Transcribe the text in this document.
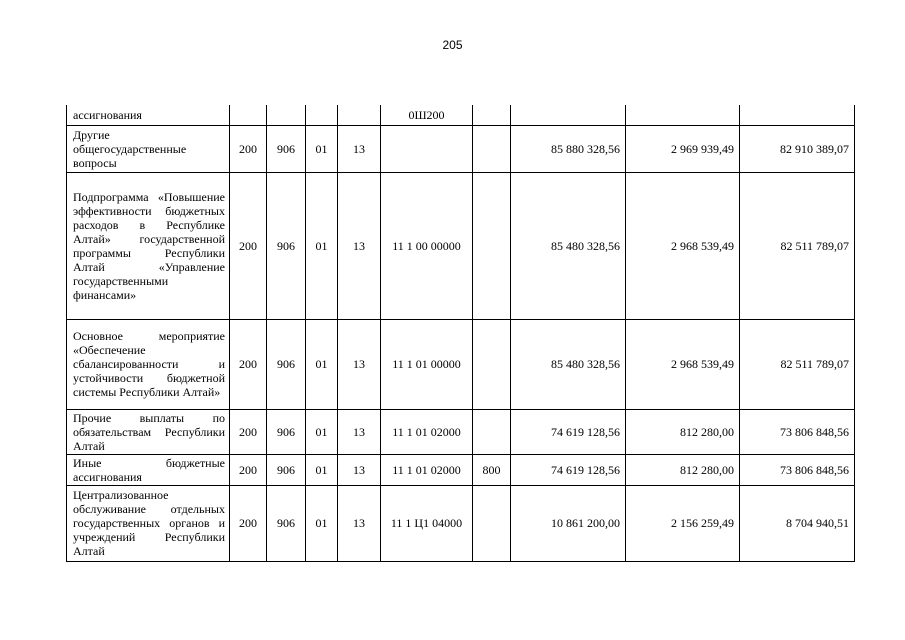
205
ассигнования					0Ш200				
Другие общегосударственные вопросы	200	906	01	13			85 880 328,56	2 969 939,49	82 910 389,07
Подпрограмма «Повышение эффективности бюджетных расходов в Республике Алтай» государственной программы Республики Алтай «Управление государственными финансами»	200	906	01	13	11 1 00 00000		85 480 328,56	2 968 539,49	82 511 789,07
Основное мероприятие «Обеспечение сбалансированности и устойчивости бюджетной системы Республики Алтай»	200	906	01	13	11 1 01 00000		85 480 328,56	2 968 539,49	82 511 789,07
Прочие выплаты по обязательствам Республики Алтай	200	906	01	13	11 1 01 02000		74 619 128,56	812 280,00	73 806 848,56
Иные бюджетные ассигнования	200	906	01	13	11 1 01 02000	800	74 619 128,56	812 280,00	73 806 848,56
Централизованное обслуживание отдельных государственных органов и учреждений Республики Алтай	200	906	01	13	11 1 Ц1 04000		10 861 200,00	2 156 259,49	8 704 940,51
